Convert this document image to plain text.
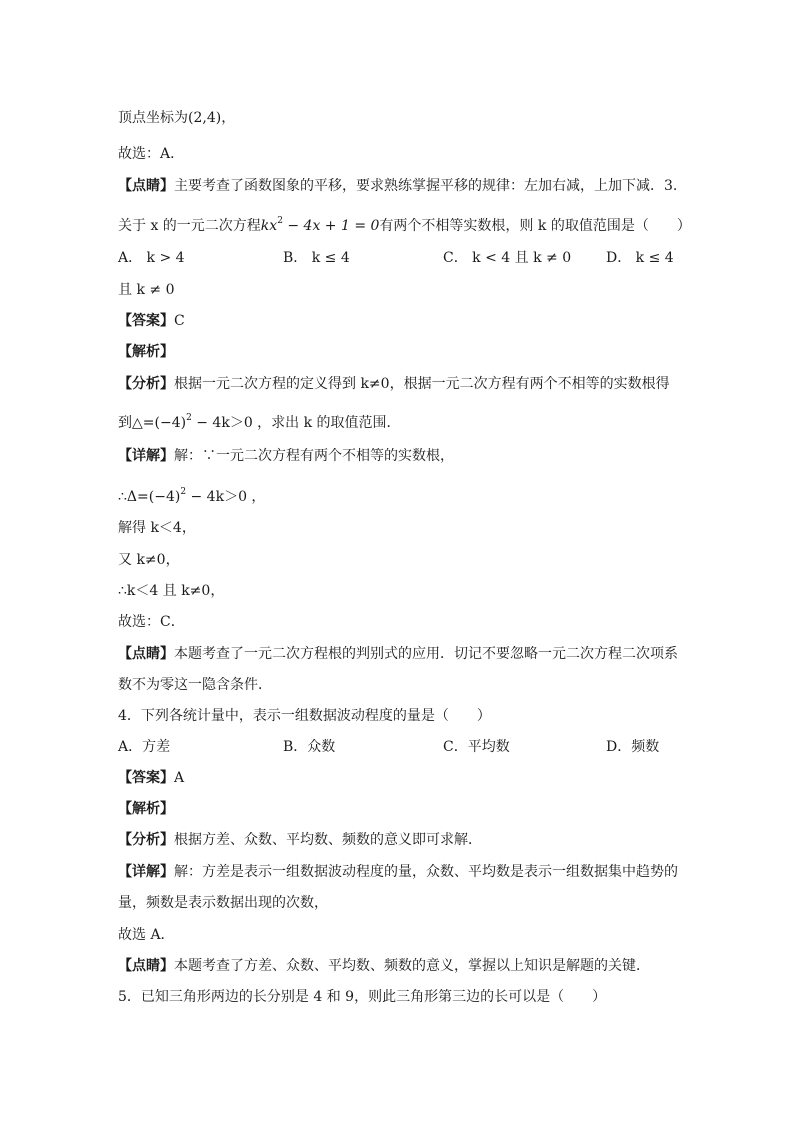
顶点坐标为(2,4)，
故选：A．
【点睛】主要考查了函数图象的平移，要求熟练掌握平移的规律：左加右减，上加下减．3.
关于 x 的一元二次方程$kx^2 - 4x + 1 = 0$有两个不相等实数根，则 k 的取值范围是（　　）
A． k > 4	B． k ≤ 4	C． k < 4 且 k ≠ 0 D． k ≤ 4
且 k ≠ 0
【答案】C
【解析】
【分析】根据一元二次方程的定义得到 k≠0，根据一元二次方程有两个不相等的实数根得
到$\triangle=(-4)^2 - 4k>0$ ，求出 k 的取值范围．
【详解】解：∵一元二次方程有两个不相等的实数根，
$\therefore\Delta=(-4)^2 - 4k>0$ ，
解得 k＜4，
又 k≠0，
∴k＜4 且 k≠0，
故选：C．
【点睛】本题考查了一元二次方程根的判别式的应用．切记不要忽略一元二次方程二次项系
数不为零这一隐含条件．
4．下列各统计量中，表示一组数据波动程度的量是（　　）
A．方差	B．众数	C．平均数	D．频数
【答案】A
【解析】
【分析】根据方差、众数、平均数、频数的意义即可求解．
【详解】解：方差是表示一组数据波动程度的量，众数、平均数是表示一组数据集中趋势的
量，频数是表示数据出现的次数，
故选 A．
【点睛】本题考查了方差、众数、平均数、频数的意义，掌握以上知识是解题的关键．
5．已知三角形两边的长分别是 4 和 9，则此三角形第三边的长可以是（　　）
